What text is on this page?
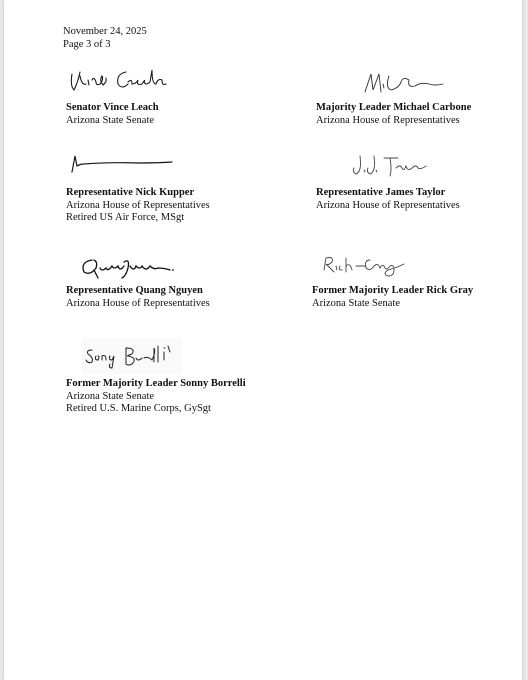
November 24, 2025
Page 3 of 3
Senator Vince Leach
Arizona State Senate
Majority Leader Michael Carbone
Arizona House of Representatives
Representative Nick Kupper
Arizona House of Representatives
Retired US Air Force, MSgt
Representative James Taylor
Arizona House of Representatives
Representative Quang Nguyen
Arizona House of Representatives
Former Majority Leader Rick Gray
Arizona State Senate
Former Majority Leader Sonny Borrelli
Arizona State Senate
Retired U.S. Marine Corps, GySgt
